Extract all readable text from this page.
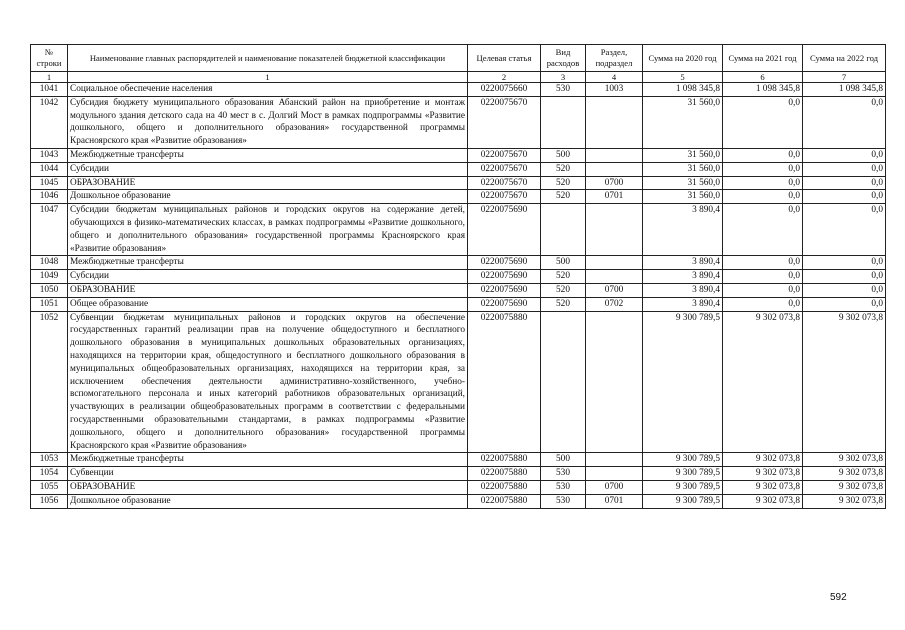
№ строки	Наименование главных распорядителей и наименование показателей бюджетной классификации	Целевая статья	Вид расходов	Раздел, подраздел	Сумма на 2020 год	Сумма на 2021 год	Сумма на 2022 год
1	1	2	3	4	5	6	7
1041	Социальное обеспечение населения	0220075660	530	1003	1 098 345,8	1 098 345,8	1 098 345,8
1042	Субсидия бюджету муниципального образования Абанский район на приобретение и монтаж модульного здания детского сада на 40 мест в с. Долгий Мост в рамках подпрограммы «Развитие дошкольного, общего и дополнительного образования» государственной программы Красноярского края «Развитие образования»	0220075670			31 560,0	0,0	0,0
1043	Межбюджетные трансферты	0220075670	500		31 560,0	0,0	0,0
1044	Субсидии	0220075670	520		31 560,0	0,0	0,0
1045	ОБРАЗОВАНИЕ	0220075670	520	0700	31 560,0	0,0	0,0
1046	Дошкольное образование	0220075670	520	0701	31 560,0	0,0	0,0
1047	Субсидии бюджетам муниципальных районов и городских округов на содержание детей, обучающихся в физико-математических классах, в рамках подпрограммы «Развитие дошкольного, общего и дополнительного образования» государственной программы Красноярского края «Развитие образования»	0220075690			3 890,4	0,0	0,0
1048	Межбюджетные трансферты	0220075690	500		3 890,4	0,0	0,0
1049	Субсидии	0220075690	520		3 890,4	0,0	0,0
1050	ОБРАЗОВАНИЕ	0220075690	520	0700	3 890,4	0,0	0,0
1051	Общее образование	0220075690	520	0702	3 890,4	0,0	0,0
1052	Субвенции бюджетам муниципальных районов и городских округов на обеспечение государственных гарантий реализации прав на получение общедоступного и бесплатного дошкольного образования в муниципальных дошкольных образовательных организациях, находящихся на территории края, общедоступного и бесплатного дошкольного образования в муниципальных общеобразовательных организациях, находящихся на территории края, за исключением обеспечения деятельности административно-хозяйственного, учебно-вспомогательного персонала и иных категорий работников образовательных организаций, участвующих в реализации общеобразовательных программ в соответствии с федеральными государственными образовательными стандартами, в рамках подпрограммы «Развитие дошкольного, общего и дополнительного образования» государственной программы Красноярского края «Развитие образования»	0220075880			9 300 789,5	9 302 073,8	9 302 073,8
1053	Межбюджетные трансферты	0220075880	500		9 300 789,5	9 302 073,8	9 302 073,8
1054	Субвенции	0220075880	530		9 300 789,5	9 302 073,8	9 302 073,8
1055	ОБРАЗОВАНИЕ	0220075880	530	0700	9 300 789,5	9 302 073,8	9 302 073,8
1056	Дошкольное образование	0220075880	530	0701	9 300 789,5	9 302 073,8	9 302 073,8
592
